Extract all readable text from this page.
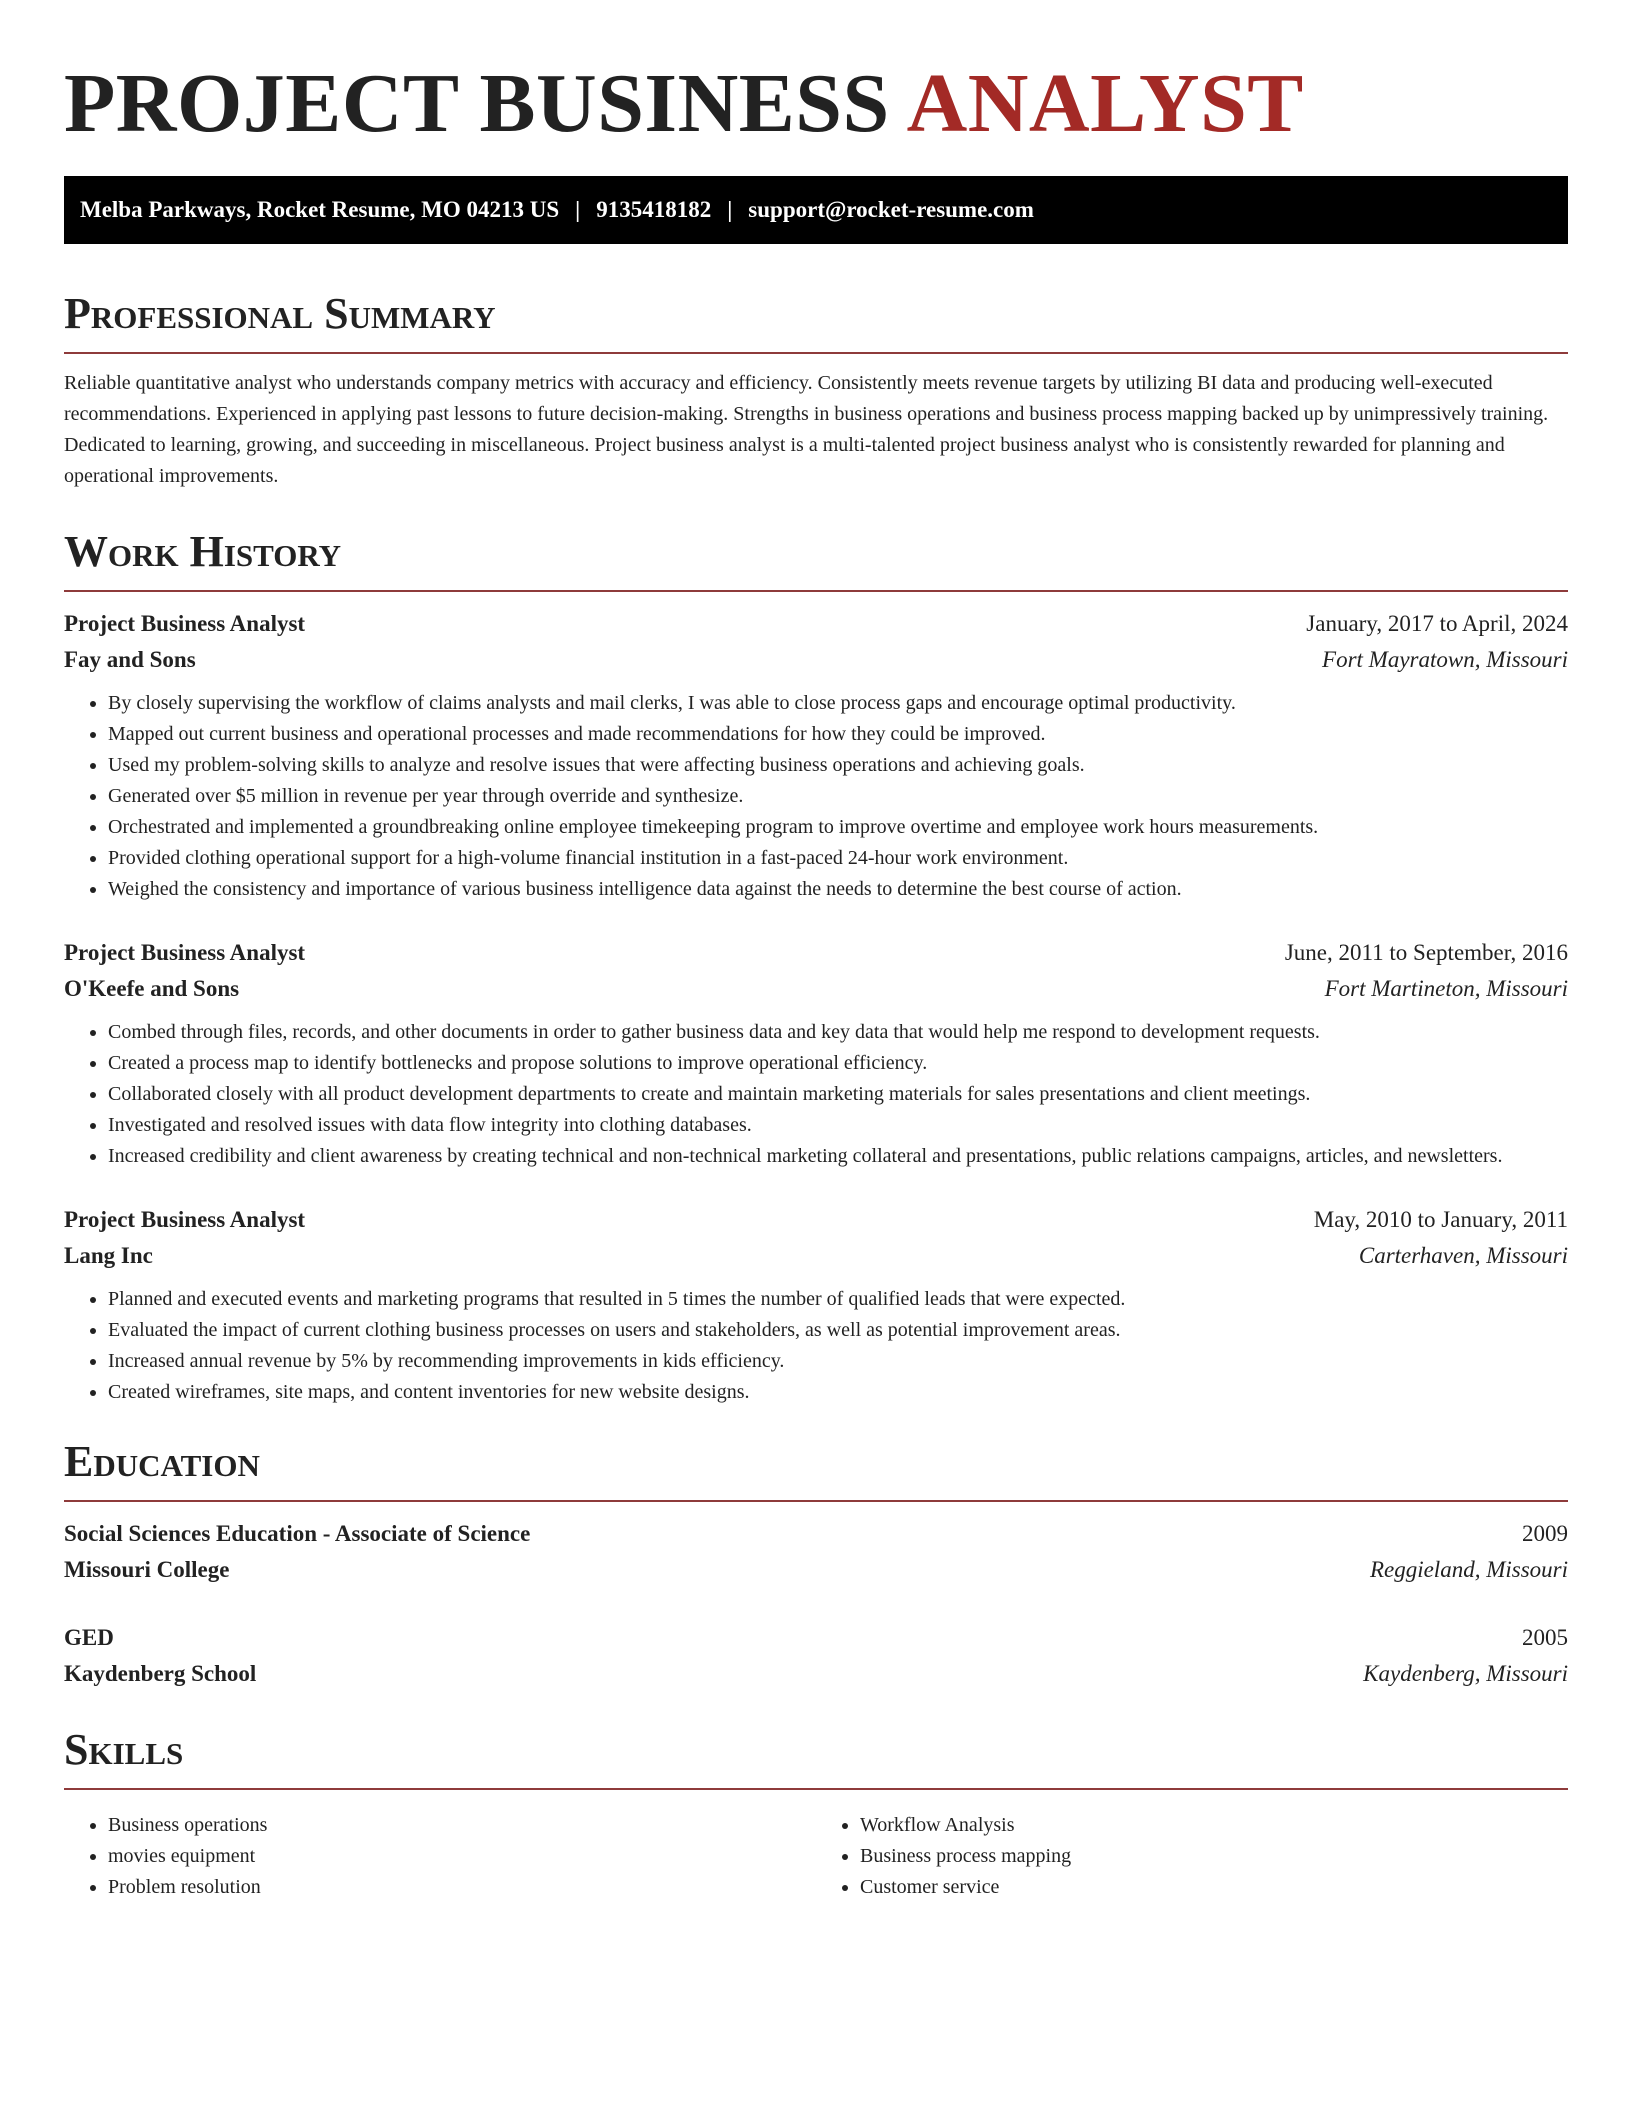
PROJECT BUSINESS ANALYST
Melba Parkways, Rocket Resume, MO 04213 US | 9135418182 | support@rocket-resume.com
Professional Summary

Reliable quantitative analyst who understands company metrics with accuracy and efficiency. Consistently meets revenue targets by utilizing BI data and producing well-executed recommendations. Experienced in applying past lessons to future decision-making. Strengths in business operations and business process mapping backed up by unimpressively training. Dedicated to learning, growing, and succeeding in miscellaneous. Project business analyst is a multi-talented project business analyst who is consistently rewarded for planning and operational improvements.

Work History
Project Business Analyst	January, 2017 to April, 2024
Fay and Sons	Fort Mayratown, Missouri
• By closely supervising the workflow of claims analysts and mail clerks, I was able to close process gaps and encourage optimal productivity.
• Mapped out current business and operational processes and made recommendations for how they could be improved.
• Used my problem-solving skills to analyze and resolve issues that were affecting business operations and achieving goals.
• Generated over $5 million in revenue per year through override and synthesize.
• Orchestrated and implemented a groundbreaking online employee timekeeping program to improve overtime and employee work hours measurements.
• Provided clothing operational support for a high-volume financial institution in a fast-paced 24-hour work environment.
• Weighed the consistency and importance of various business intelligence data against the needs to determine the best course of action.
Project Business Analyst	June, 2011 to September, 2016
O'Keefe and Sons	Fort Martineton, Missouri
• Combed through files, records, and other documents in order to gather business data and key data that would help me respond to development requests.
• Created a process map to identify bottlenecks and propose solutions to improve operational efficiency.
• Collaborated closely with all product development departments to create and maintain marketing materials for sales presentations and client meetings.
• Investigated and resolved issues with data flow integrity into clothing databases.
• Increased credibility and client awareness by creating technical and non-technical marketing collateral and presentations, public relations campaigns, articles, and newsletters.
Project Business Analyst	May, 2010 to January, 2011
Lang Inc	Carterhaven, Missouri
• Planned and executed events and marketing programs that resulted in 5 times the number of qualified leads that were expected.
• Evaluated the impact of current clothing business processes on users and stakeholders, as well as potential improvement areas.
• Increased annual revenue by 5% by recommending improvements in kids efficiency.
• Created wireframes, site maps, and content inventories for new website designs.
Education
Social Sciences Education - Associate of Science	2009
Missouri College	Reggieland, Missouri
GED	2005
Kaydenberg School	Kaydenberg, Missouri
Skills
• Business operations
• movies equipment
• Problem resolution
• Workflow Analysis
• Business process mapping
• Customer service
